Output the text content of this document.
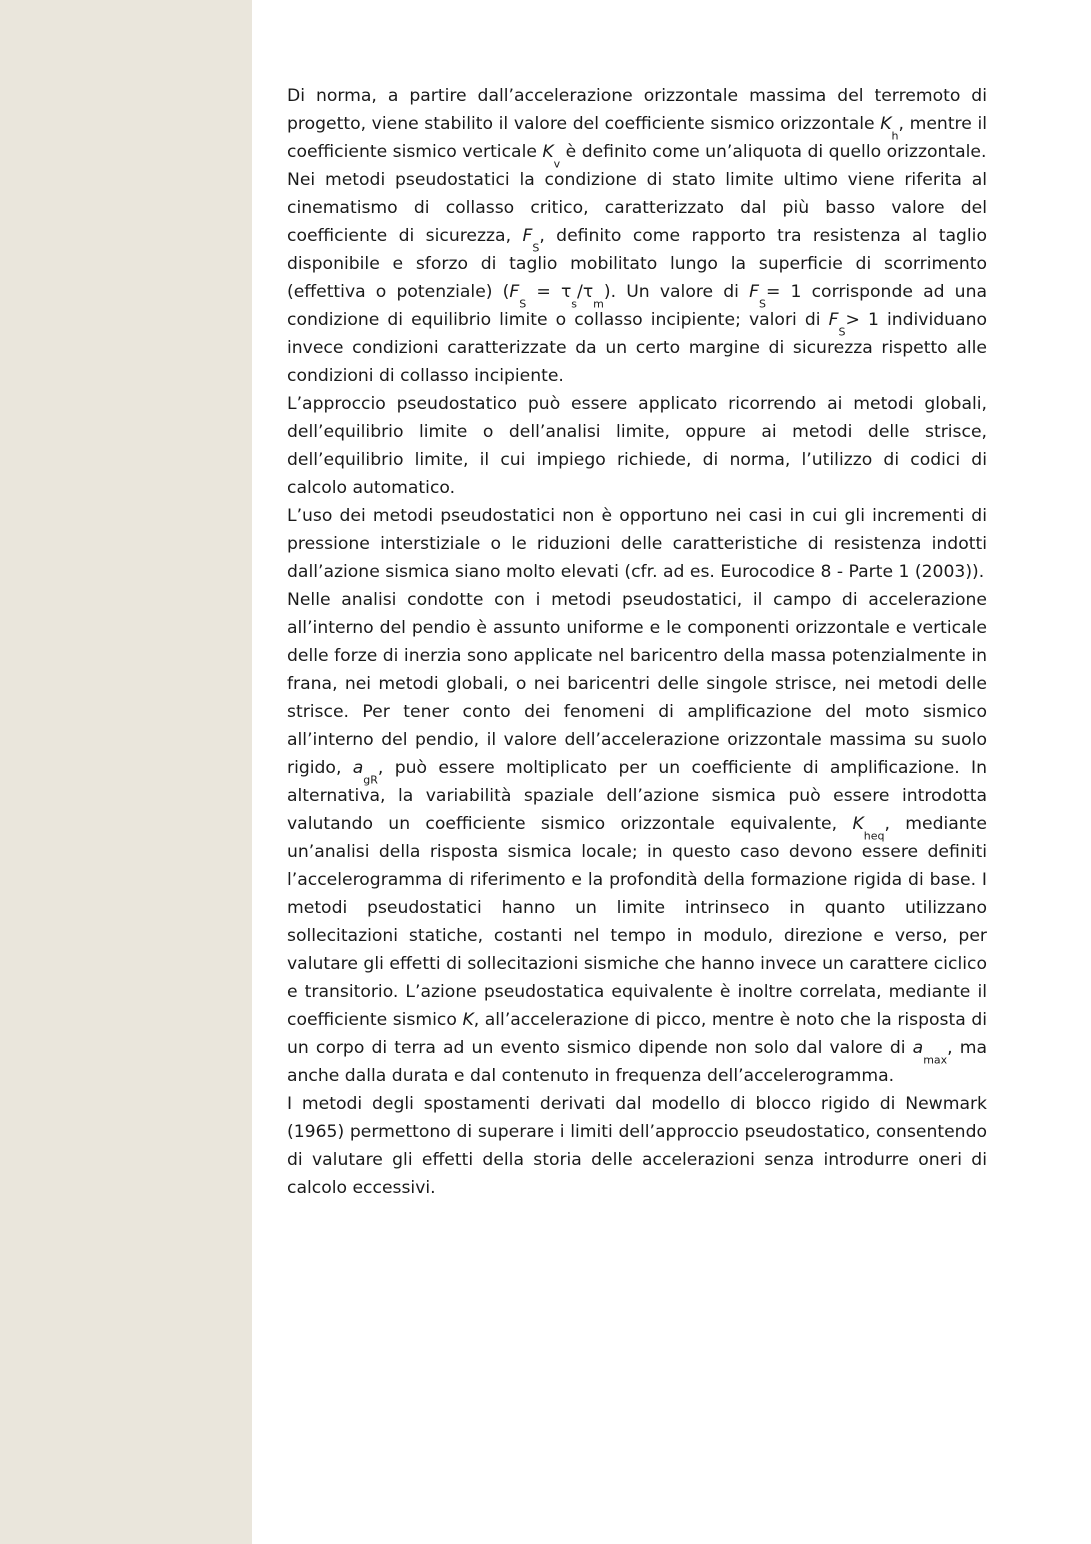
Di norma, a partire dall’accelerazione orizzontale massima del terremoto di progetto, viene stabilito il valore del coefficiente sismico orizzontale $K_h$, mentre il coefficiente sismico verticale $K_v$ è definito come un’aliquota di quello orizzontale.

Nei metodi pseudostatici la condizione di stato limite ultimo viene riferita al cinematismo di collasso critico, caratterizzato dal più basso valore del coefficiente di sicurezza, $F_S$, definito come rapporto tra resistenza al taglio disponibile e sforzo di taglio mobilitato lungo la superficie di scorrimento (effettiva o potenziale) $(F_S = \tau_s/\tau_m)$. Un valore di $F_S= 1$ corrisponde ad una condizione di equilibrio limite o collasso incipiente; valori di $F_S> 1$ individuano invece condizioni caratterizzate da un certo margine di sicurezza rispetto alle condizioni di collasso incipiente.

L’approccio pseudostatico può essere applicato ricorrendo ai metodi globali, dell’equilibrio limite o dell’analisi limite, oppure ai metodi delle strisce, dell’equilibrio limite, il cui impiego richiede, di norma, l’utilizzo di codici di calcolo automatico.

L’uso dei metodi pseudostatici non è opportuno nei casi in cui gli incrementi di pressione interstiziale o le riduzioni delle caratteristiche di resistenza indotti dall’azione sismica siano molto elevati (cfr. ad es. Eurocodice 8 - Parte 1 (2003)).

Nelle analisi condotte con i metodi pseudostatici, il campo di accelerazione all’interno del pendio è assunto uniforme e le componenti orizzontale e verticale delle forze di inerzia sono applicate nel baricentro della massa potenzialmente in frana, nei metodi globali, o nei baricentri delle singole strisce, nei metodi delle strisce. Per tener conto dei fenomeni di amplificazione del moto sismico all’interno del pendio, il valore dell’accelerazione orizzontale massima su suolo rigido, $a_{gR}$, può essere moltiplicato per un coefficiente di amplificazione. In alternativa, la variabilità spaziale dell’azione sismica può essere introdotta valutando un coefficiente sismico orizzontale equivalente, $K_{heq}$, mediante un’analisi della risposta sismica locale; in questo caso devono essere definiti l’accelerogramma di riferimento e la profondità della formazione rigida di base. I metodi pseudostatici hanno un limite intrinseco in quanto utilizzano sollecitazioni statiche, costanti nel tempo in modulo, direzione e verso, per valutare gli effetti di sollecitazioni sismiche che hanno invece un carattere ciclico e transitorio. L’azione pseudostatica equivalente è inoltre correlata, mediante il coefficiente sismico K, all’accelerazione di picco, mentre è noto che la risposta di un corpo di terra ad un evento sismico dipende non solo dal valore di $a_{max}$, ma anche dalla durata e dal contenuto in frequenza dell’accelerogramma.

I metodi degli spostamenti derivati dal modello di blocco rigido di Newmark (1965) permettono di superare i limiti dell’approccio pseudostatico, consentendo di valutare gli effetti della storia delle accelerazioni senza introdurre oneri di calcolo eccessivi.
